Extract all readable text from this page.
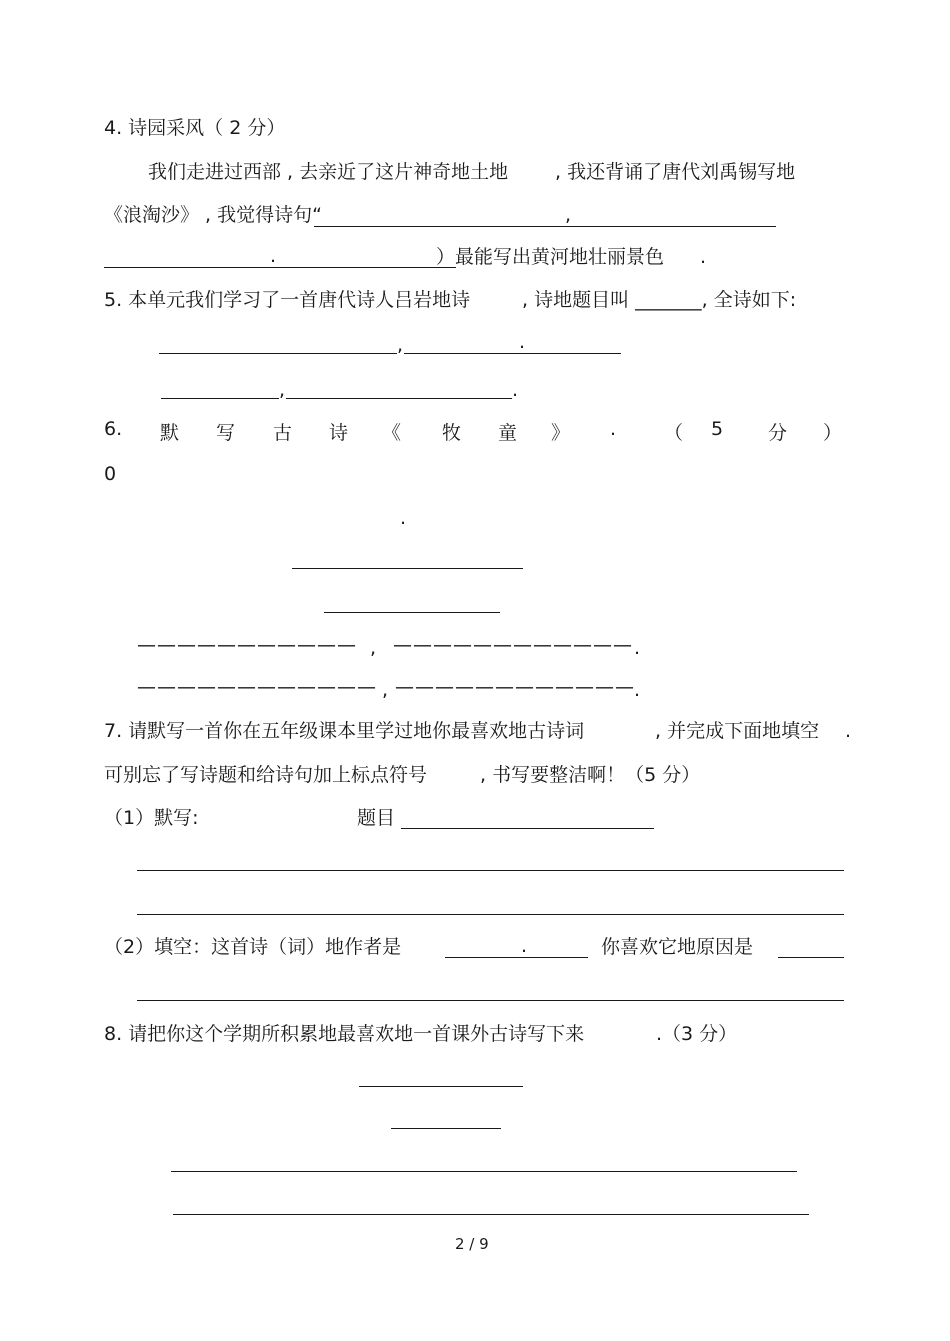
4. 诗园采风（ 2 分）
我们走进过西部 , 去亲近了这片神奇地土地 , 我还背诵了唐代刘禹锡写地
《浪淘沙》 , 我觉得诗句“	,
.	）最能写出黄河地壮丽景色 .
5. 本单元我们学习了一首唐代诗人吕岩地诗	, 诗地题目叫 _______, 全诗如下:
,	.
,	.
6. 默 写 古 诗 《 牧 童 》 .	（ 5 分 ）
0
.
——————————— , ———————————— .
———————————— , ———————————— .
7. 请默写一首你在五年级课本里学过地你最喜欢地古诗词	, 并完成下面地填空 .
可别忘了写诗题和给诗句加上标点符号	, 书写要整洁啊！（5 分）
（1）默写:	题目
（2）填空：这首诗（词）地作者是	.	你喜欢它地原因是
8. 请把你这个学期所积累地最喜欢地一首课外古诗写下来	.（3 分）
2 / 9
